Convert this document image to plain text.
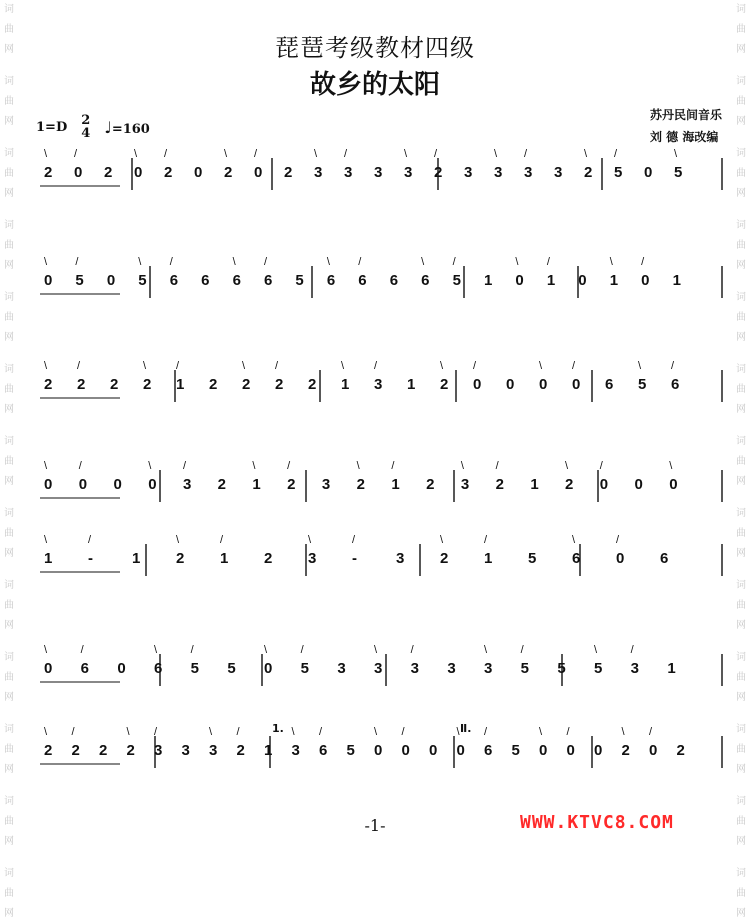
词
曲
网
词
曲
网
词
曲
网
词
曲
网
词
曲
网
词
曲
网
词
曲
网
词
曲
网
词
曲
网
词
曲
网
词
曲
网
词
曲
网
词
曲
网
词
曲
网
词
曲
网
词
曲
网
词
曲
网
词
曲
网
词
曲
网
词
曲
网
词
曲
网
词
曲
网
词
曲
网
词
曲
网
词
曲
网
词
曲
网
琵琶考级教材四级
故乡的太阳
1=D 2
4 ♩=160
苏丹民间音乐
刘 德 海改编
2
\
0
/
2 0
\
2
/
0 2
\
0
/
2 3
\
3
/
3 3
\
2
/
3 3
\
3
/
3 2
\
5
/
0 5
\
0
\
5
/
0 5
\
6
/
6 6
\
6
/
5 6
\
6
/
6 6
\
5
/
1 0
\
1
/
0 1
\
0
/
1
2
\
2
/
2 2
\
1
/
2 2
\
2
/
2 1
\
3
/
1 2
\
0
/
0 0
\
0
/
6 5
\
6
/
0
\
0
/
0 0
\
3
/
2 1
\
2
/
3 2
\
1
/
2 3
\
2
/
1 2
\
0
/
0 0
\
1
\
-
/
1 2
\
1
/
2 3
\
-
/
3 2
\
1
/
5 6
\
0
/
6
0
\
6
/
0 6
\
5
/
5 0
\
5
/
3 3
\
3
/
3 3
\
5
/
5 5
\
3
/
1
2
\
2
/
2 2
\
3
/
3 3
\
2
/
1 3
\
6
/
5 0
\
0
/
0 0
\
6
/
5 0
\
0
/
0 2
\
0
/
2
1.	Ⅱ.
-1-	WWW.KTVC8.COM
